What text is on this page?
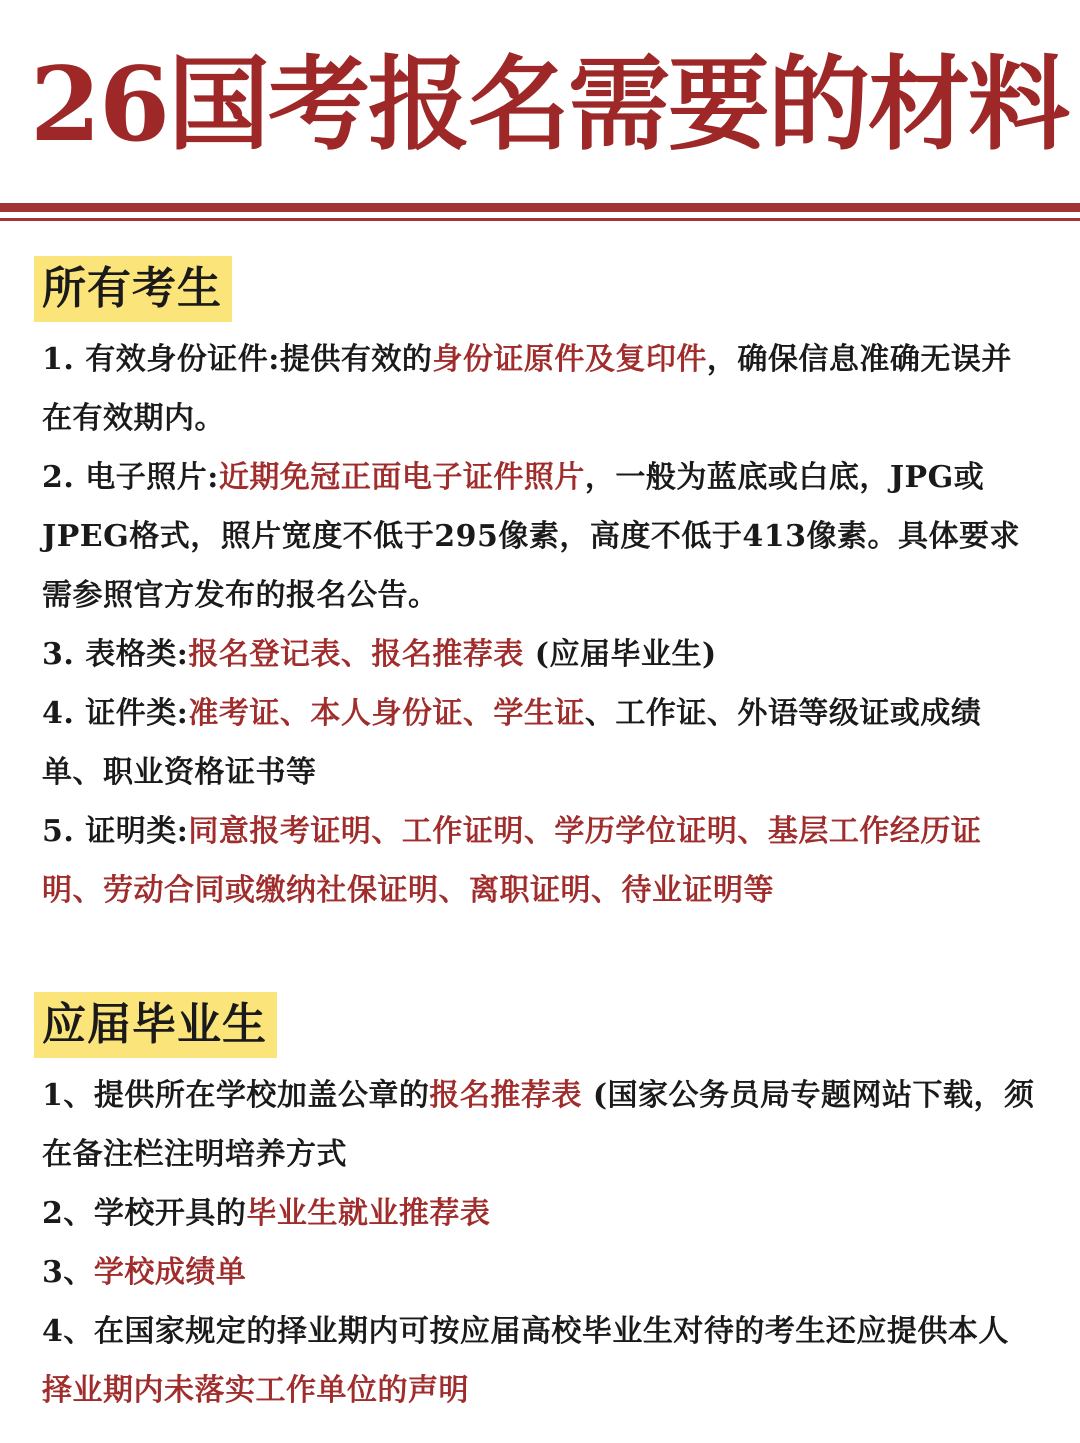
26国考报名需要的材料
所有考生
1. 有效身份证件:提供有效的身份证原件及复印件，确保信息准确无误并在有效期内。
2. 电子照片:近期免冠正面电子证件照片，一般为蓝底或白底，JPG或JPEG格式，照片宽度不低于295像素，高度不低于413像素。具体要求需参照官方发布的报名公告。
3. 表格类:报名登记表、报名推荐表 (应届毕业生)
4. 证件类:准考证、本人身份证、学生证、工作证、外语等级证或成绩单、职业资格证书等
5. 证明类:同意报考证明、工作证明、学历学位证明、基层工作经历证明、劳动合同或缴纳社保证明、离职证明、待业证明等
应届毕业生
1、提供所在学校加盖公章的报名推荐表 (国家公务员局专题网站下载，须在备注栏注明培养方式
2、学校开具的毕业生就业推荐表
3、学校成绩单
4、在国家规定的择业期内可按应届高校毕业生对待的考生还应提供本人择业期内未落实工作单位的声明
